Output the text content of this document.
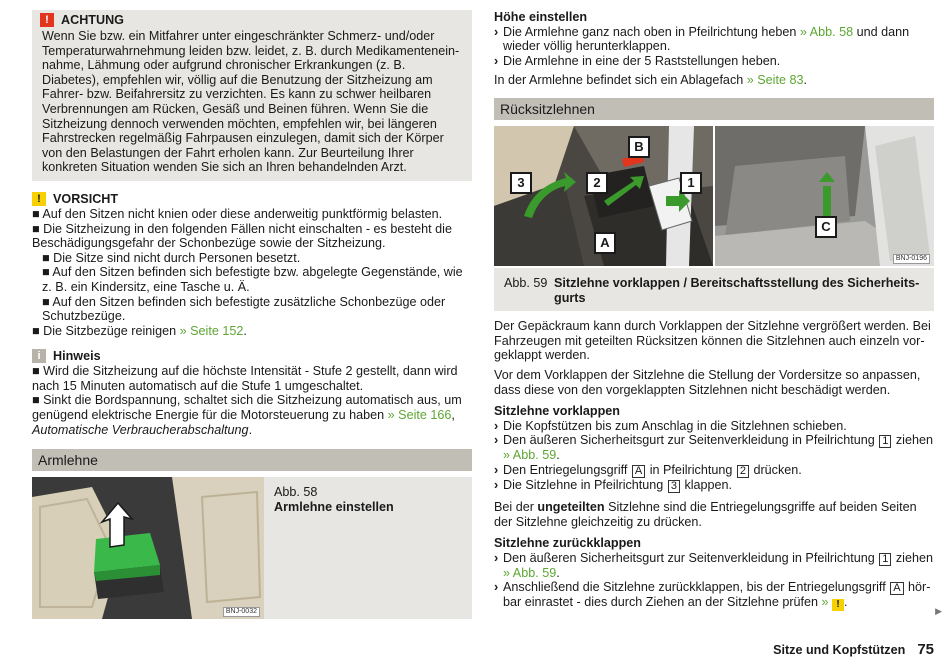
! ACHTUNG
Wenn Sie bzw. ein Mitfahrer unter eingeschränkter Schmerz- und/oder Temperaturwahrnehmung leiden bzw. leidet, z. B. durch Medikamenteneinnahme, Lähmung oder aufgrund chronischer Erkrankungen (z. B. Diabetes), empfehlen wir, völlig auf die Benutzung der Sitzheizung am Fahrer- bzw. Beifahrersitz zu verzichten. Es kann zu schwer heilbaren Verbrennungen am Rücken, Gesäß und Beinen führen. Wenn Sie die Sitzheizung dennoch verwenden möchten, empfehlen wir, bei längeren Fahrstrecken regelmäßig Fahrpausen einzulegen, damit sich der Körper von den Belastungen der Fahrt erholen kann. Zur Beurteilung Ihrer konkreten Situation wenden Sie sich an Ihren behandelnden Arzt.
! VORSICHT

■ Auf den Sitzen nicht knien oder diese anderweitig punktförmig belasten.

■ Die Sitzheizung in den folgenden Fällen nicht einschalten - es besteht die Beschädigungsgefahr der Schonbezüge sowie der Sitzheizung.

■ Die Sitze sind nicht durch Personen besetzt.

■ Auf den Sitzen befinden sich befestigte bzw. abgelegte Gegenstände, wie z. B. ein Kindersitz, eine Tasche u. Ä.

■ Auf den Sitzen befinden sich befestigte zusätzliche Schonbezüge oder Schutzbezüge.

■ Die Sitzbezüge reinigen » Seite 152.

i Hinweis

■ Wird die Sitzheizung auf die höchste Intensität - Stufe 2 gestellt, dann wird nach 15 Minuten automatisch auf die Stufe 1 umgeschaltet.

■ Sinkt die Bordspannung, schaltet sich die Sitzheizung automatisch aus, um genügend elektrische Energie für die Motorsteuerung zu haben » Seite 166, Automatische Verbraucherabschaltung.

Armlehne
BNJ-0032
Abb. 58
Armlehne einstellen
Höhe einstellen
› Die Armlehne ganz nach oben in Pfeilrichtung heben » Abb. 58 und dann wieder völlig herunterklappen.
› Die Armlehne in eine der 5 Raststellungen heben.

In der Armlehne befindet sich ein Ablagefach » Seite 83.

Rücksitzlehnen
3	2
B
1
A
C
BNJ-0196
Abb. 59 Sitzlehne vorklappen / Bereitschaftsstellung des Sicherheitsgurts

Der Gepäckraum kann durch Vorklappen der Sitzlehne vergrößert werden. Bei Fahrzeugen mit geteilten Rücksitzen können die Sitzlehnen auch einzeln vorgeklappt werden.

Vor dem Vorklappen der Sitzlehne die Stellung der Vordersitze so anpassen, dass diese von den vorgeklappten Sitzlehnen nicht beschädigt werden.

Sitzlehne vorklappen
› Die Kopfstützen bis zum Anschlag in die Sitzlehnen schieben.
› Den äußeren Sicherheitsgurt zur Seitenverkleidung in Pfeilrichtung 1 ziehen » Abb. 59.
› Den Entriegelungsgriff A in Pfeilrichtung 2 drücken.
› Die Sitzlehne in Pfeilrichtung 3 klappen.

Bei der ungeteilten Sitzlehne sind die Entriegelungsgriffe auf beiden Seiten der Sitzlehne gleichzeitig zu drücken.

Sitzlehne zurückklappen
› Den äußeren Sicherheitsgurt zur Seitenverkleidung in Pfeilrichtung 1 ziehen » Abb. 59.
› Anschließend die Sitzlehne zurückklappen, bis der Entriegelungsgriff A hörbar einrastet - dies durch Ziehen an der Sitzlehne prüfen » ! .
▶
Sitze und Kopfstützen 75
